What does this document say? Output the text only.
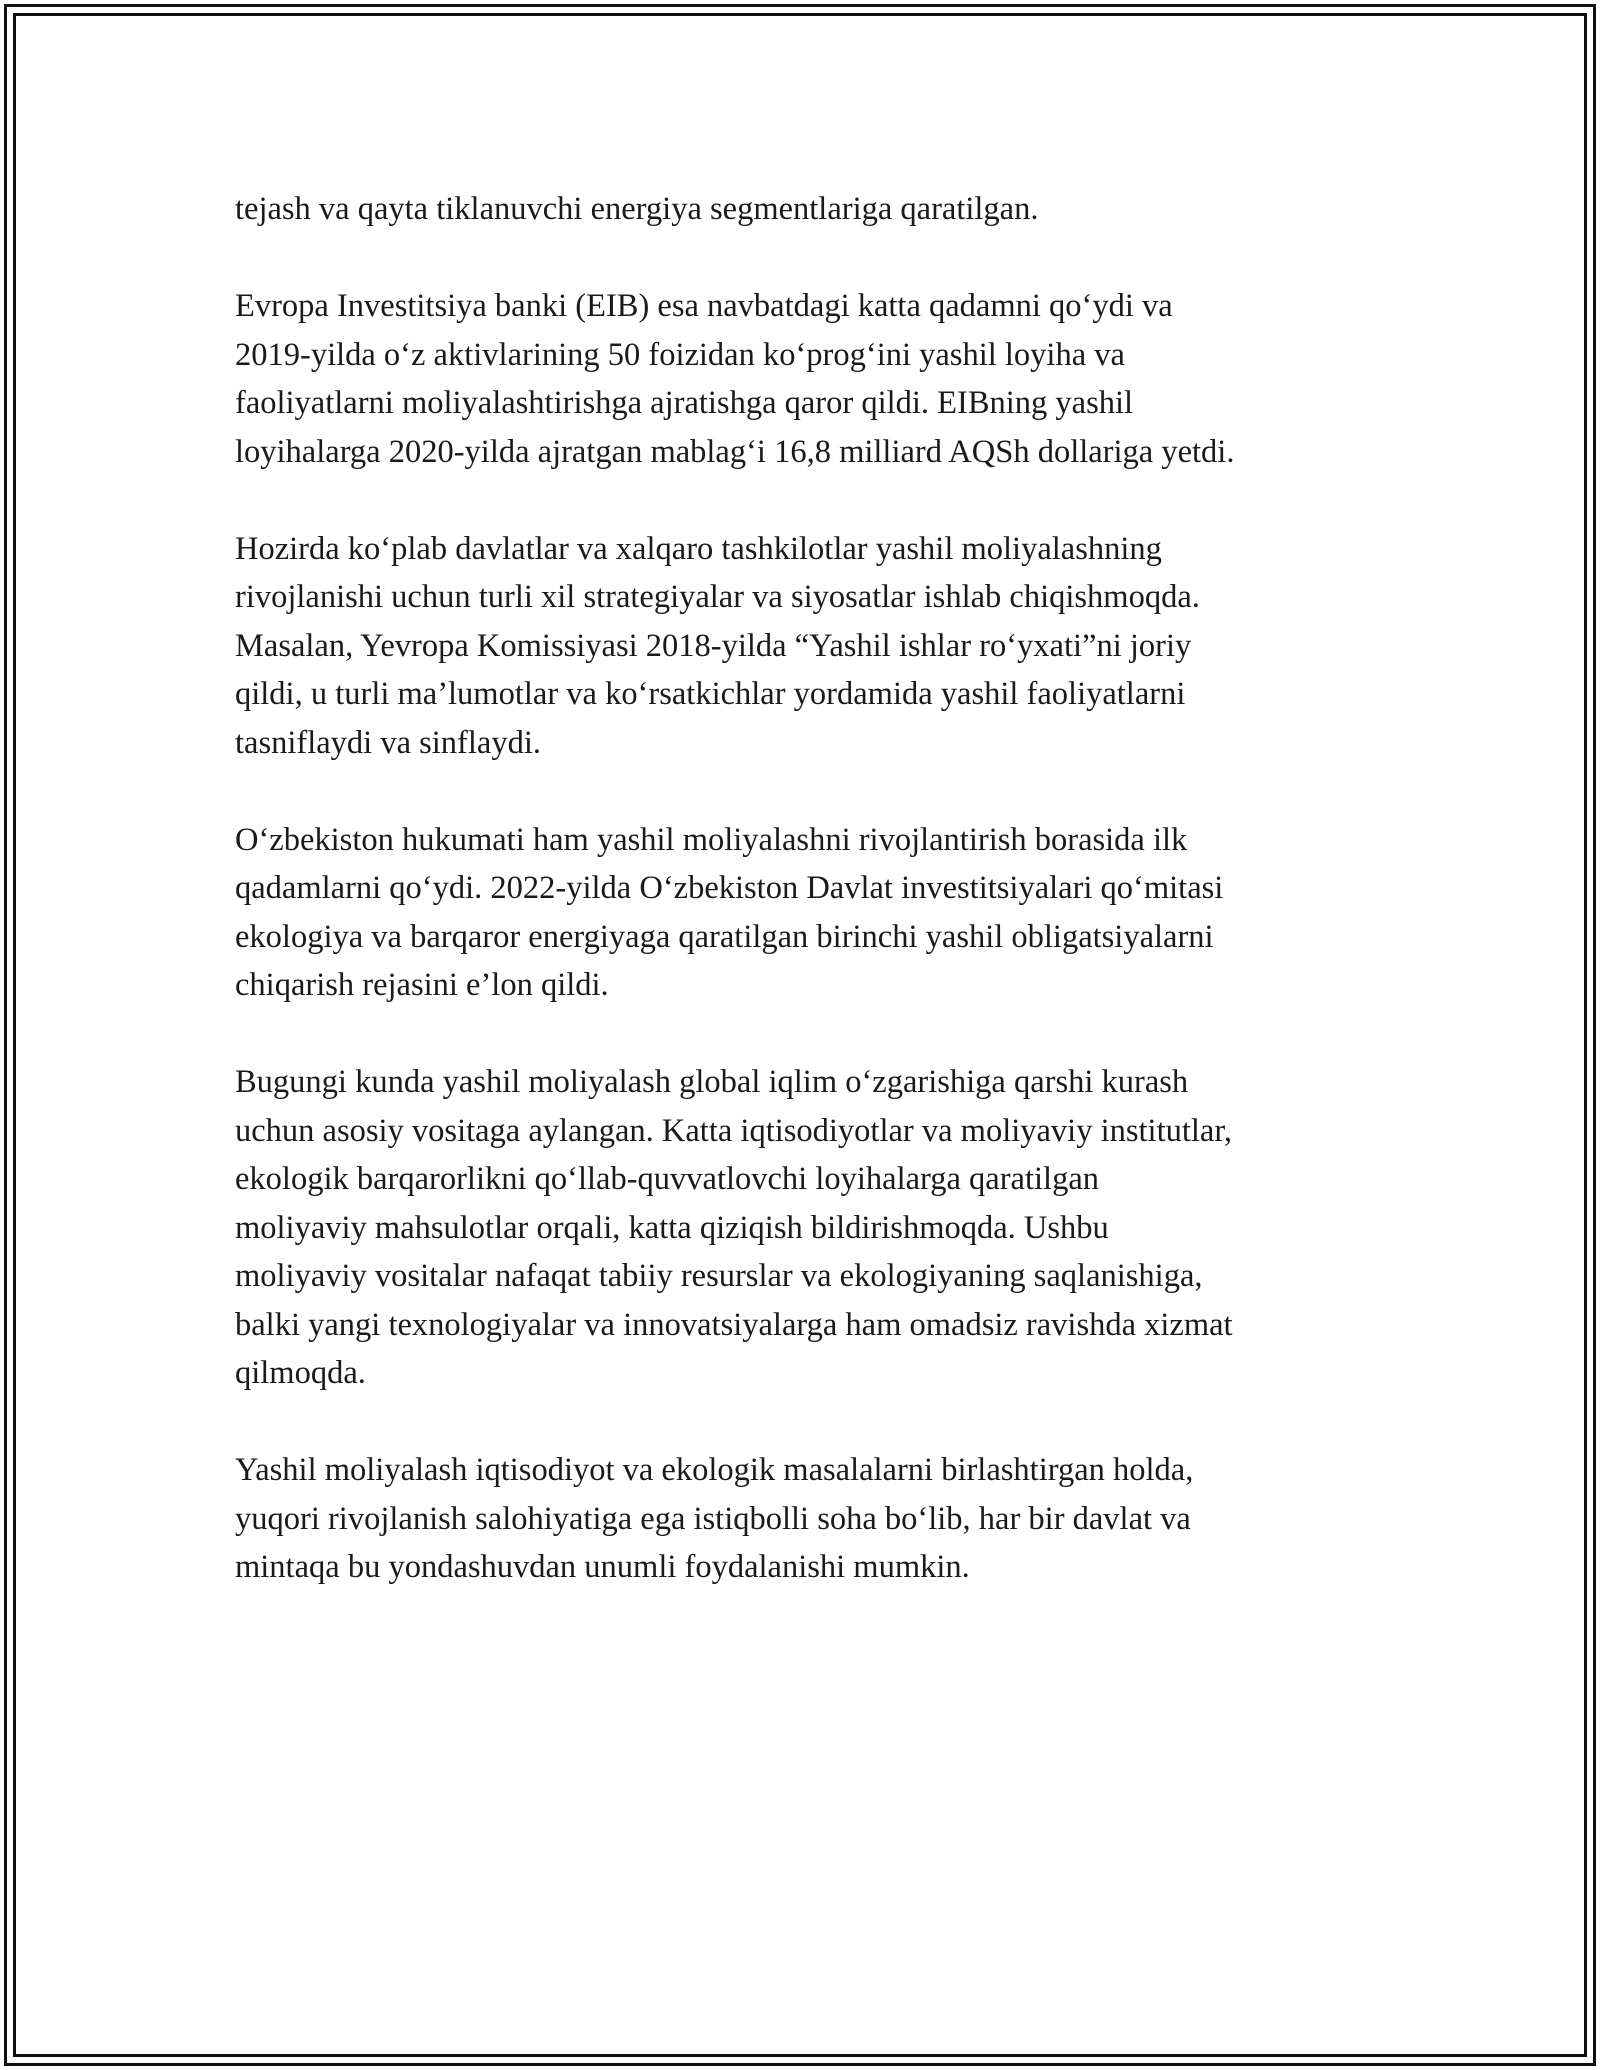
tejash va qayta tiklanuvchi energiya segmentlariga qaratilgan.

Evropa Investitsiya banki (EIB) esa navbatdagi katta qadamni qo‘ydi va
2019-yilda o‘z aktivlarining 50 foizidan ko‘prog‘ini yashil loyiha va
faoliyatlarni moliyalashtirishga ajratishga qaror qildi. EIBning yashil
loyihalarga 2020-yilda ajratgan mablag‘i 16,8 milliard AQSh dollariga yetdi.

Hozirda ko‘plab davlatlar va xalqaro tashkilotlar yashil moliyalashning
rivojlanishi uchun turli xil strategiyalar va siyosatlar ishlab chiqishmoqda.
Masalan, Yevropa Komissiyasi 2018-yilda “Yashil ishlar ro‘yxati”ni joriy
qildi, u turli ma’lumotlar va ko‘rsatkichlar yordamida yashil faoliyatlarni
tasniflaydi va sinflaydi.

O‘zbekiston hukumati ham yashil moliyalashni rivojlantirish borasida ilk
qadamlarni qo‘ydi. 2022-yilda O‘zbekiston Davlat investitsiyalari qo‘mitasi
ekologiya va barqaror energiyaga qaratilgan birinchi yashil obligatsiyalarni
chiqarish rejasini e’lon qildi.

Bugungi kunda yashil moliyalash global iqlim o‘zgarishiga qarshi kurash
uchun asosiy vositaga aylangan. Katta iqtisodiyotlar va moliyaviy institutlar,
ekologik barqarorlikni qo‘llab-quvvatlovchi loyihalarga qaratilgan
moliyaviy mahsulotlar orqali, katta qiziqish bildirishmoqda. Ushbu
moliyaviy vositalar nafaqat tabiiy resurslar va ekologiyaning saqlanishiga,
balki yangi texnologiyalar va innovatsiyalarga ham omadsiz ravishda xizmat
qilmoqda.

Yashil moliyalash iqtisodiyot va ekologik masalalarni birlashtirgan holda,
yuqori rivojlanish salohiyatiga ega istiqbolli soha bo‘lib, har bir davlat va
mintaqa bu yondashuvdan unumli foydalanishi mumkin.
